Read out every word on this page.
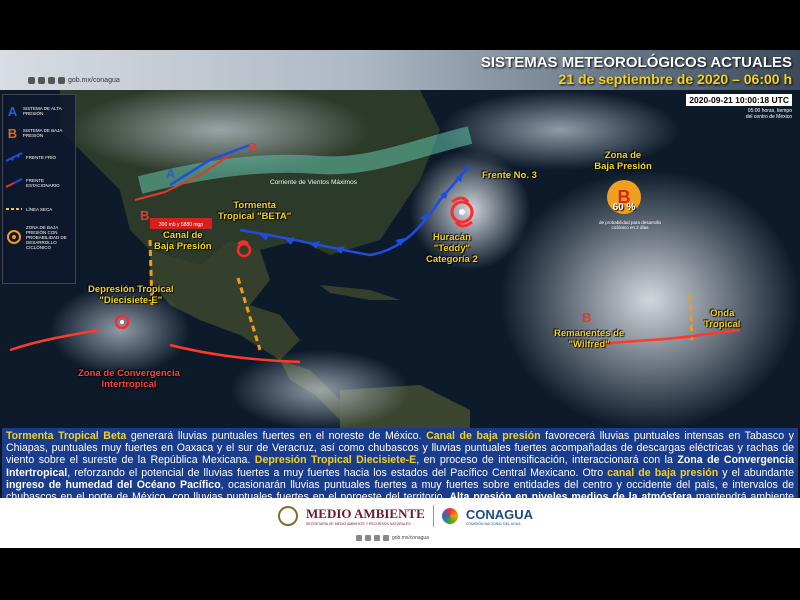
gob.mx/conagua
SISTEMAS METEOROLÓGICOS ACTUALES
21 de septiembre de 2020 – 06:00 h
A
B
B
B
300 mb y 5880 mgp
Corriente de Vientos Máximos
A	SISTEMA DE ALTA PRESIÓN
B	SISTEMA DE BAJA PRESIÓN
FRENTE FRÍO
FRENTE ESTACIONARIO
LÍNEA SECA
ZONA DE BAJA PRESIÓN CON PROBABILIDAD DE DESARROLLO CICLÓNICO
2020-09-21 10:00:18 UTC
05:00 horas, tiempo
del centro de México
Zona de
Baja Presión
B
60 %
de probabilidad para desarrollo ciclónico en 2 días
Tormenta
Tropical "BETA"
Canal de
Baja Presión
Frente No. 3
Huracán
"Teddy"
Categoría 2
Depresión Tropical
"Diecisiete-E"
Zona de Convergencia
Intertropical
Remanentes de
"Wilfred"
Onda
Tropical
Tormenta Tropical Beta generará lluvias puntuales fuertes en el noreste de México. Canal de baja presión favorecerá lluvias puntuales intensas en Tabasco y Chiapas, puntuales muy fuertes en Oaxaca y el sur de Veracruz, así como chubascos y lluvias puntuales fuertes acompañadas de descargas eléctricas y rachas de viento sobre el sureste de la República Mexicana. Depresión Tropical Diecisiete-E, en proceso de intensificación, interaccionará con la Zona de Convergencia Intertropical, reforzando el potencial de lluvias fuertes a muy fuertes hacia los estados del Pacífico Central Mexicano. Otro canal de baja presión y el abundante ingreso de humedad del Océano Pacífico, ocasionarán lluvias puntuales fuertes a muy fuertes sobre entidades del centro y occidente del país, e intervalos de
MEDIO AMBIENTE
SECRETARÍA DE MEDIO AMBIENTE Y RECURSOS NATURALES
CONAGUA
COMISIÓN NACIONAL DEL AGUA
gob.mx/conagua
